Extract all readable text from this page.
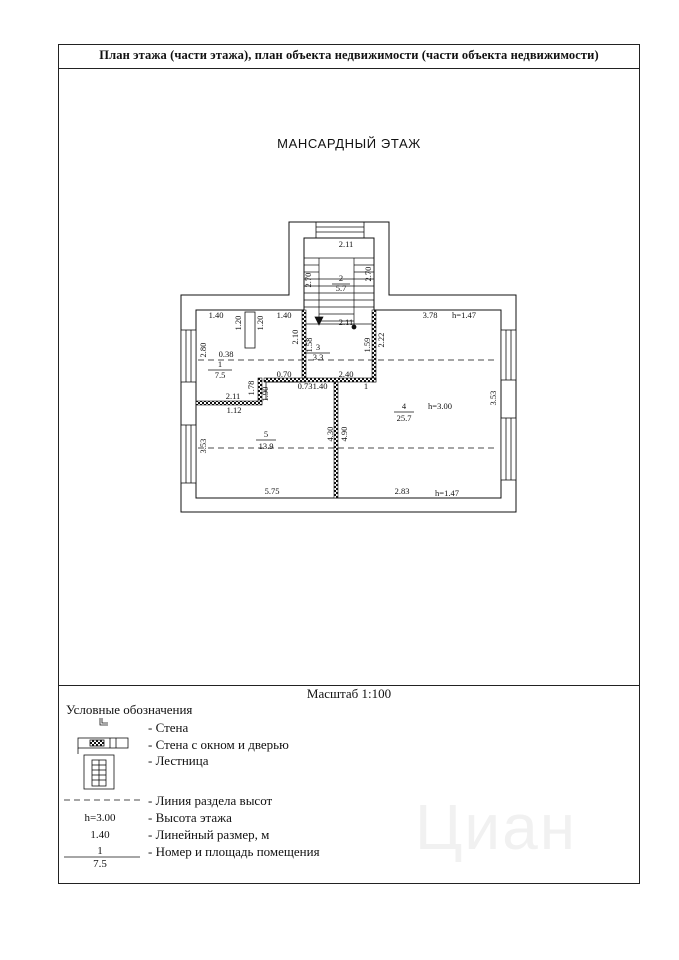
План этажа (части этажа), план объекта недвижимости (части объекта недвижимости)
МАНСАРДНЫЙ ЭТАЖ
2
5.7
3
3.3
4
25.7
5
13.9
1
7.5
h=1.47
h=3.00
h=1.47
2.11
1.40	1.40
2.11
3.78
0.38
0.70
0.73 1.40
2.40
1
2.11
1.12
5.75	2.83
2.70	2.70
1.20 1.20
2.80
2.10
1.58	1.59 2.22
1.78 1.90	3.53
3.53
4.30 4.90
Масштаб 1:100
Условные обозначения
- Стена
- Стена с окном и дверью
- Лестница
- Линия раздела высот
- Высота этажа
- Линейный размер, м
- Номер и площадь помещения
h=3.00
1.40
1
7.5
Циан
